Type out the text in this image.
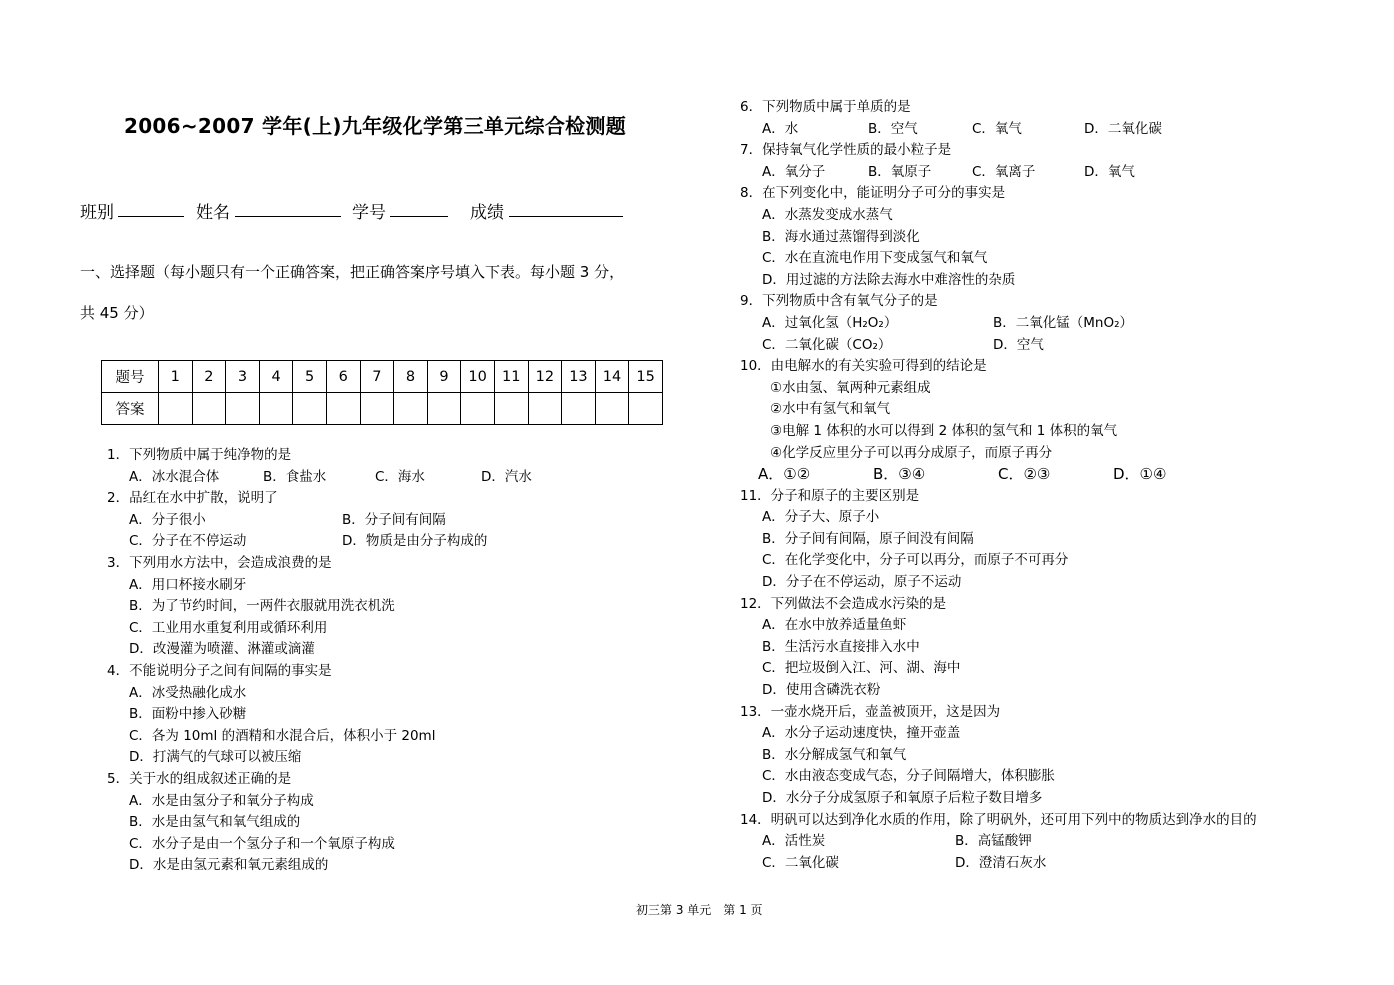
2006~2007 学年(上)九年级化学第三单元综合检测题
班别	姓名	学号	成绩
一、选择题（每小题只有一个正确答案，把正确答案序号填入下表。每小题 3 分，
共 45 分）
题号	1	2	3	4	5	6	7	8	9	10	11	12	13	14	15
答案															
1．下列物质中属于纯净物的是
A．冰水混合体	B．食盐水	C．海水	D．汽水
2．品红在水中扩散，说明了
A．分子很小	B．分子间有间隔
C．分子在不停运动	D．物质是由分子构成的
3．下列用水方法中，会造成浪费的是
A．用口杯接水刷牙
B．为了节约时间，一两件衣服就用洗衣机洗
C．工业用水重复利用或循环利用
D．改漫灌为喷灌、淋灌或滴灌
4．不能说明分子之间有间隔的事实是
A．冰受热融化成水
B．面粉中掺入砂糖
C．各为 10ml 的酒精和水混合后，体积小于 20ml
D．打满气的气球可以被压缩
5．关于水的组成叙述正确的是
A．水是由氢分子和氧分子构成
B．水是由氢气和氧气组成的
C．水分子是由一个氢分子和一个氧原子构成
D．水是由氢元素和氧元素组成的
6．下列物质中属于单质的是
A．水	B．空气	C．氧气	D．二氧化碳
7．保持氧气化学性质的最小粒子是
A．氧分子	B．氧原子	C．氧离子	D．氧气
8．在下列变化中，能证明分子可分的事实是
A．水蒸发变成水蒸气
B．海水通过蒸馏得到淡化
C．水在直流电作用下变成氢气和氧气
D．用过滤的方法除去海水中难溶性的杂质
9．下列物质中含有氧气分子的是
A．过氧化氢（H₂O₂）	B．二氧化锰（MnO₂）
C．二氧化碳（CO₂）	D．空气
10．由电解水的有关实验可得到的结论是
①水由氢、氧两种元素组成
②水中有氢气和氧气
③电解 1 体积的水可以得到 2 体积的氢气和 1 体积的氧气
④化学反应里分子可以再分成原子，而原子再分
A．①②	B．③④	C．②③	D．①④
11．分子和原子的主要区别是
A．分子大、原子小
B．分子间有间隔，原子间没有间隔
C．在化学变化中，分子可以再分，而原子不可再分
D．分子在不停运动，原子不运动
12．下列做法不会造成水污染的是
A．在水中放养适量鱼虾
B．生活污水直接排入水中
C．把垃圾倒入江、河、湖、海中
D．使用含磷洗衣粉
13．一壶水烧开后，壶盖被顶开，这是因为
A．水分子运动速度快，撞开壶盖
B．水分解成氢气和氧气
C．水由液态变成气态，分子间隔增大，体积膨胀
D．水分子分成氢原子和氧原子后粒子数目增多
14．明矾可以达到净化水质的作用，除了明矾外，还可用下列中的物质达到净水的目的
A．活性炭	B．高锰酸钾
C．二氧化碳	D．澄清石灰水
初三第 3 单元　第 1 页
